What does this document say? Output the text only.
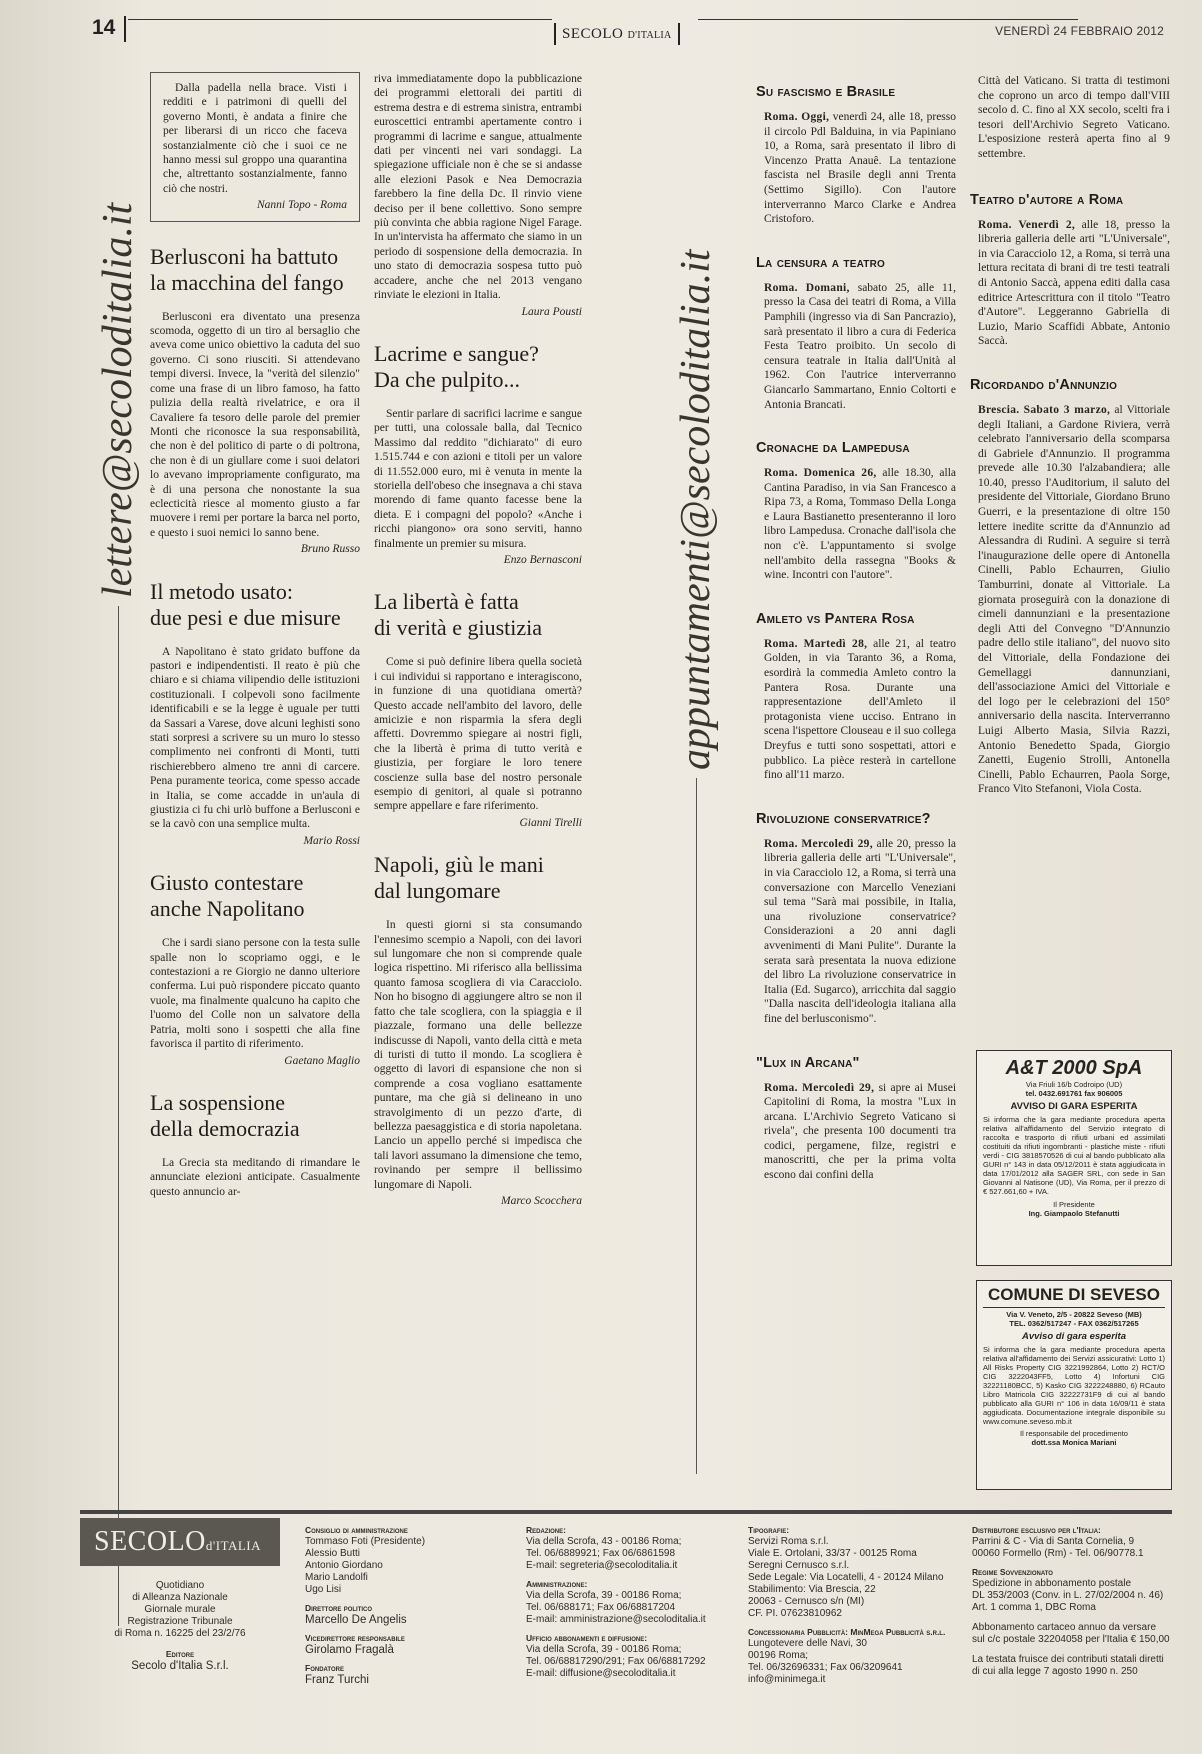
14	SECOLO D'ITALIA	VENERDÌ 24 FEBBRAIO 2012
lettere@secoloditalia.it	appuntamenti@secoloditalia.it

Dalla padella nella brace. Visti i redditi e i patrimoni di quelli del governo Monti, è andata a finire che per liberarsi di un ricco che faceva sostanzialmente ciò che i suoi ce ne hanno messi sul groppo una quarantina che, altrettanto sostanzialmente, fanno ciò che nostri.

Nanni Topo - Roma
Berlusconi ha battuto
la macchina del fango

Berlusconi era diventato una presenza scomoda, oggetto di un tiro al bersaglio che aveva come unico obiettivo la caduta del suo governo. Ci sono riusciti. Si attendevano tempi diversi. Invece, la "verità del silenzio" come una frase di un libro famoso, ha fatto pulizia della realtà rivelatrice, e ora il Cavaliere fa tesoro delle parole del premier Monti che riconosce la sua responsabilità, che non è del politico di parte o di poltrona, che non è di un giullare come i suoi delatori lo avevano impropriamente configurato, ma è di una persona che nonostante la sua eclecticità riesce al momento giusto a far muovere i remi per portare la barca nel porto, e questo i suoi nemici lo sanno bene.

Bruno Russo
Il metodo usato:
due pesi e due misure

A Napolitano è stato gridato buffone da pastori e indipendentisti. Il reato è più che chiaro e si chiama vilipendio delle istituzioni costituzionali. I colpevoli sono facilmente identificabili e se la legge è uguale per tutti da Sassari a Varese, dove alcuni leghisti sono stati sorpresi a scrivere su un muro lo stesso complimento nei confronti di Monti, tutti rischierebbero almeno tre anni di carcere. Pena puramente teorica, come spesso accade in Italia, se come accadde in un'aula di giustizia ci fu chi urlò buffone a Berlusconi e se la cavò con una semplice multa.

Mario Rossi
Giusto contestare
anche Napolitano

Che i sardi siano persone con la testa sulle spalle non lo scopriamo oggi, e le contestazioni a re Giorgio ne danno ulteriore conferma. Lui può rispondere piccato quanto vuole, ma finalmente qualcuno ha capito che l'uomo del Colle non un salvatore della Patria, molti sono i sospetti che alla fine favorisca il partito di riferimento.

Gaetano Maglio
La sospensione
della democrazia

La Grecia sta meditando di rimandare le annunciate elezioni anticipate. Casualmente questo annuncio ar-

riva immediatamente dopo la pubblicazione dei programmi elettorali dei partiti di estrema destra e di estrema sinistra, entrambi euroscettici entrambi apertamente contro i programmi di lacrime e sangue, attualmente dati per vincenti nei vari sondaggi. La spiegazione ufficiale non è che se si andasse alle elezioni Pasok e Nea Democrazia farebbero la fine della Dc. Il rinvio viene deciso per il bene collettivo. Sono sempre più convinta che abbia ragione Nigel Farage. In un'intervista ha affermato che siamo in un periodo di sospensione della democrazia. In uno stato di democrazia sospesa tutto può accadere, anche che nel 2013 vengano rinviate le elezioni in Italia.

Laura Pousti
Lacrime e sangue?
Da che pulpito...

Sentir parlare di sacrifici lacrime e sangue per tutti, una colossale balla, dal Tecnico Massimo dal reddito "dichiarato" di euro 1.515.744 e con azioni e titoli per un valore di 11.552.000 euro, mi è venuta in mente la storiella dell'obeso che insegnava a chi stava morendo di fame quanto facesse bene la dieta. E i compagni del popolo? «Anche i ricchi piangono» ora sono serviti, hanno finalmente un premier su misura.

Enzo Bernasconi
La libertà è fatta
di verità e giustizia

Come si può definire libera quella società i cui individui si rapportano e interagiscono, in funzione di una quotidiana omertà? Questo accade nell'ambito del lavoro, delle amicizie e non risparmia la sfera degli affetti. Dovremmo spiegare ai nostri figli, che la libertà è prima di tutto verità e giustizia, per forgiare le loro tenere coscienze sulla base del nostro personale esempio di genitori, al quale si potranno sempre appellare e fare riferimento.

Gianni Tirelli
Napoli, giù le mani
dal lungomare

In questi giorni si sta consumando l'ennesimo scempio a Napoli, con dei lavori sul lungomare che non si comprende quale logica rispettino. Mi riferisco alla bellissima quanto famosa scogliera di via Caracciolo. Non ho bisogno di aggiungere altro se non il fatto che tale scogliera, con la spiaggia e il piazzale, formano una delle bellezze indiscusse di Napoli, vanto della città e meta di turisti di tutto il mondo. La scogliera è oggetto di lavori di espansione che non si comprende a cosa vogliano esattamente puntare, ma che già si delineano in uno stravolgimento di un pezzo d'arte, di bellezza paesaggistica e di storia napoletana. Lancio un appello perché si impedisca che tali lavori assumano la dimensione che temo, rovinando per sempre il bellissimo lungomare di Napoli.

Marco Scocchera
Su fascismo e Brasile
Roma. Oggi, venerdì 24, alle 18, presso il circolo Pdl Balduina, in via Papiniano 10, a Roma, sarà presentato il libro di Vincenzo Pratta Anauê. La tentazione fascista nel Brasile degli anni Trenta (Settimo Sigillo). Con l'autore interverranno Marco Clarke e Andrea Cristoforo.
La censura a teatro
Roma. Domani, sabato 25, alle 11, presso la Casa dei teatri di Roma, a Villa Pamphili (ingresso via di San Pancrazio), sarà presentato il libro a cura di Federica Festa Teatro proibito. Un secolo di censura teatrale in Italia dall'Unità al 1962. Con l'autrice interverranno Giancarlo Sammartano, Ennio Coltorti e Antonia Brancati.
Cronache da Lampedusa
Roma. Domenica 26, alle 18.30, alla Cantina Paradiso, in via San Francesco a Ripa 73, a Roma, Tommaso Della Longa e Laura Bastianetto presenteranno il loro libro Lampedusa. Cronache dall'isola che non c'è. L'appuntamento si svolge nell'ambito della rassegna "Books & wine. Incontri con l'autore".
Amleto vs Pantera Rosa
Roma. Martedì 28, alle 21, al teatro Golden, in via Taranto 36, a Roma, esordirà la commedia Amleto contro la Pantera Rosa. Durante una rappresentazione dell'Amleto il protagonista viene ucciso. Entrano in scena l'ispettore Clouseau e il suo collega Dreyfus e tutti sono sospettati, attori e pubblico. La pièce resterà in cartellone fino all'11 marzo.
Rivoluzione conservatrice?
Roma. Mercoledì 29, alle 20, presso la libreria galleria delle arti "L'Universale", in via Caracciolo 12, a Roma, si terrà una conversazione con Marcello Veneziani sul tema "Sarà mai possibile, in Italia, una rivoluzione conservatrice? Considerazioni a 20 anni dagli avvenimenti di Mani Pulite". Durante la serata sarà presentata la nuova edizione del libro La rivoluzione conservatrice in Italia (Ed. Sugarco), arricchita dal saggio "Dalla nascita dell'ideologia italiana alla fine del berlusconismo".
"Lux in Arcana"
Roma. Mercoledì 29, si apre ai Musei Capitolini di Roma, la mostra "Lux in arcana. L'Archivio Segreto Vaticano si rivela", che presenta 100 documenti tra codici, pergamene, filze, registri e manoscritti, che per la prima volta escono dai confini della
Città del Vaticano. Si tratta di testimoni che coprono un arco di tempo dall'VIII secolo d. C. fino al XX secolo, scelti fra i tesori dell'Archivio Segreto Vaticano. L'esposizione resterà aperta fino al 9 settembre.
Teatro d'autore a Roma
Roma. Venerdì 2, alle 18, presso la libreria galleria delle arti "L'Universale", in via Caracciolo 12, a Roma, si terrà una lettura recitata di brani di tre testi teatrali di Antonio Saccà, appena editi dalla casa editrice Artescrittura con il titolo "Teatro d'Autore". Leggeranno Gabriella di Luzio, Mario Scaffidi Abbate, Antonio Saccà.
Ricordando d'Annunzio
Brescia. Sabato 3 marzo, al Vittoriale degli Italiani, a Gardone Riviera, verrà celebrato l'anniversario della scomparsa di Gabriele d'Annunzio. Il programma prevede alle 10.30 l'alzabandiera; alle 10.40, presso l'Auditorium, il saluto del presidente del Vittoriale, Giordano Bruno Guerri, e la presentazione di oltre 150 lettere inedite scritte da d'Annunzio ad Alessandra di Rudinì. A seguire si terrà l'inaugurazione delle opere di Antonella Cinelli, Pablo Echaurren, Giulio Tamburrini, donate al Vittoriale. La giornata proseguirà con la donazione di cimeli dannunziani e la presentazione degli Atti del Convegno "D'Annunzio padre dello stile italiano", del nuovo sito del Vittoriale, della Fondazione dei Gemellaggi dannunziani, dell'associazione Amici del Vittoriale e del logo per le celebrazioni del 150° anniversario della nascita. Interverranno Luigi Alberto Masia, Silvia Razzi, Antonio Benedetto Spada, Giorgio Zanetti, Eugenio Strolli, Antonella Cinelli, Pablo Echaurren, Paola Sorge, Franco Vito Stefanoni, Viola Costa.
A&T 2000 SpA
Via Friuli 16/b Codroipo (UD)
tel. 0432.691761 fax 906005
AVVISO DI GARA ESPERITA
Si informa che la gara mediante procedura aperta relativa all'affidamento del Servizio integrato di raccolta e trasporto di rifiuti urbani ed assimilati costituiti da rifiuti ingombranti - plastiche miste - rifiuti verdi - CIG 3818570526 di cui al bando pubblicato alla GURI n° 143 in data 05/12/2011 è stata aggiudicata in data 17/01/2012 alla SAGER SRL, con sede in San Giovanni al Natisone (UD), Via Roma, per il prezzo di € 527.661,60 + IVA.
Il Presidente
Ing. Giampaolo Stefanutti
COMUNE DI SEVESO
Via V. Veneto, 2/5 - 20822 Seveso (MB)
TEL. 0362/517247 - FAX 0362/517265
Avviso di gara esperita
Si informa che la gara mediante procedura aperta relativa all'affidamento dei Servizi assicurativi: Lotto 1) All Risks Property CIG 3221992864, Lotto 2) RCT/O CIG 3222043FF5, Lotto 4) Infortuni CIG 32221180BCC, 5) Kasko CIG 3222248880, 6) RCauto Libro Matricola CIG 32222731F9 di cui al bando pubblicato alla GURI n° 106 in data 16/09/11 è stata aggiudicata. Documentazione integrale disponibile su www.comune.seveso.mb.it
Il responsabile del procedimento
dott.ssa Monica Mariani
SECOLOd'ITALIA
Quotidiano
di Alleanza Nazionale
Giornale murale
Registrazione Tribunale
di Roma n. 16225 del 23/2/76
Editore
Secolo d'Italia S.r.l.
Consiglio di amministrazione
Tommaso Foti (Presidente)
Alessio Butti
Antonio Giordano
Mario Landolfi
Ugo Lisi
Direttore politico
Marcello De Angelis
Vicedirettore responsabile
Girolamo Fragalà
Fondatore
Franz Turchi
Redazione:
Via della Scrofa, 43 - 00186 Roma;
Tel. 06/6889921; Fax 06/6861598
E-mail: segreteria@secoloditalia.it
Amministrazione:
Via della Scrofa, 39 - 00186 Roma;
Tel. 06/688171; Fax 06/68817204
E-mail: amministrazione@secoloditalia.it
Ufficio abbonamenti e diffusione:
Via della Scrofa, 39 - 00186 Roma;
Tel. 06/68817290/291; Fax 06/68817292
E-mail: diffusione@secoloditalia.it
Tipografie:
Servizi Roma s.r.l.
Viale E. Ortolani, 33/37 - 00125 Roma
Seregni Cernusco s.r.l.
Sede Legale: Via Locatelli, 4 - 20124 Milano
Stabilimento: Via Brescia, 22
20063 - Cernusco s/n (MI)
CF. PI. 07623810962
Concessionaria Pubblicità: MinMega Pubblicità s.r.l.
Lungotevere delle Navi, 30
00196 Roma;
Tel. 06/32696331; Fax 06/3209641
info@minimega.it
Distributore esclusivo per l'Italia:
Parrini & C - Via di Santa Cornelia, 9
00060 Formello (Rm) - Tel. 06/90778.1
Regime Sovvenzionato
Spedizione in abbonamento postale
DL 353/2003 (Conv. in L. 27/02/2004 n. 46)
Art. 1 comma 1, DBC Roma
Abbonamento cartaceo annuo da versare
sul c/c postale 32204058 per l'Italia € 150,00
La testata fruisce dei contributi statali diretti
di cui alla legge 7 agosto 1990 n. 250
